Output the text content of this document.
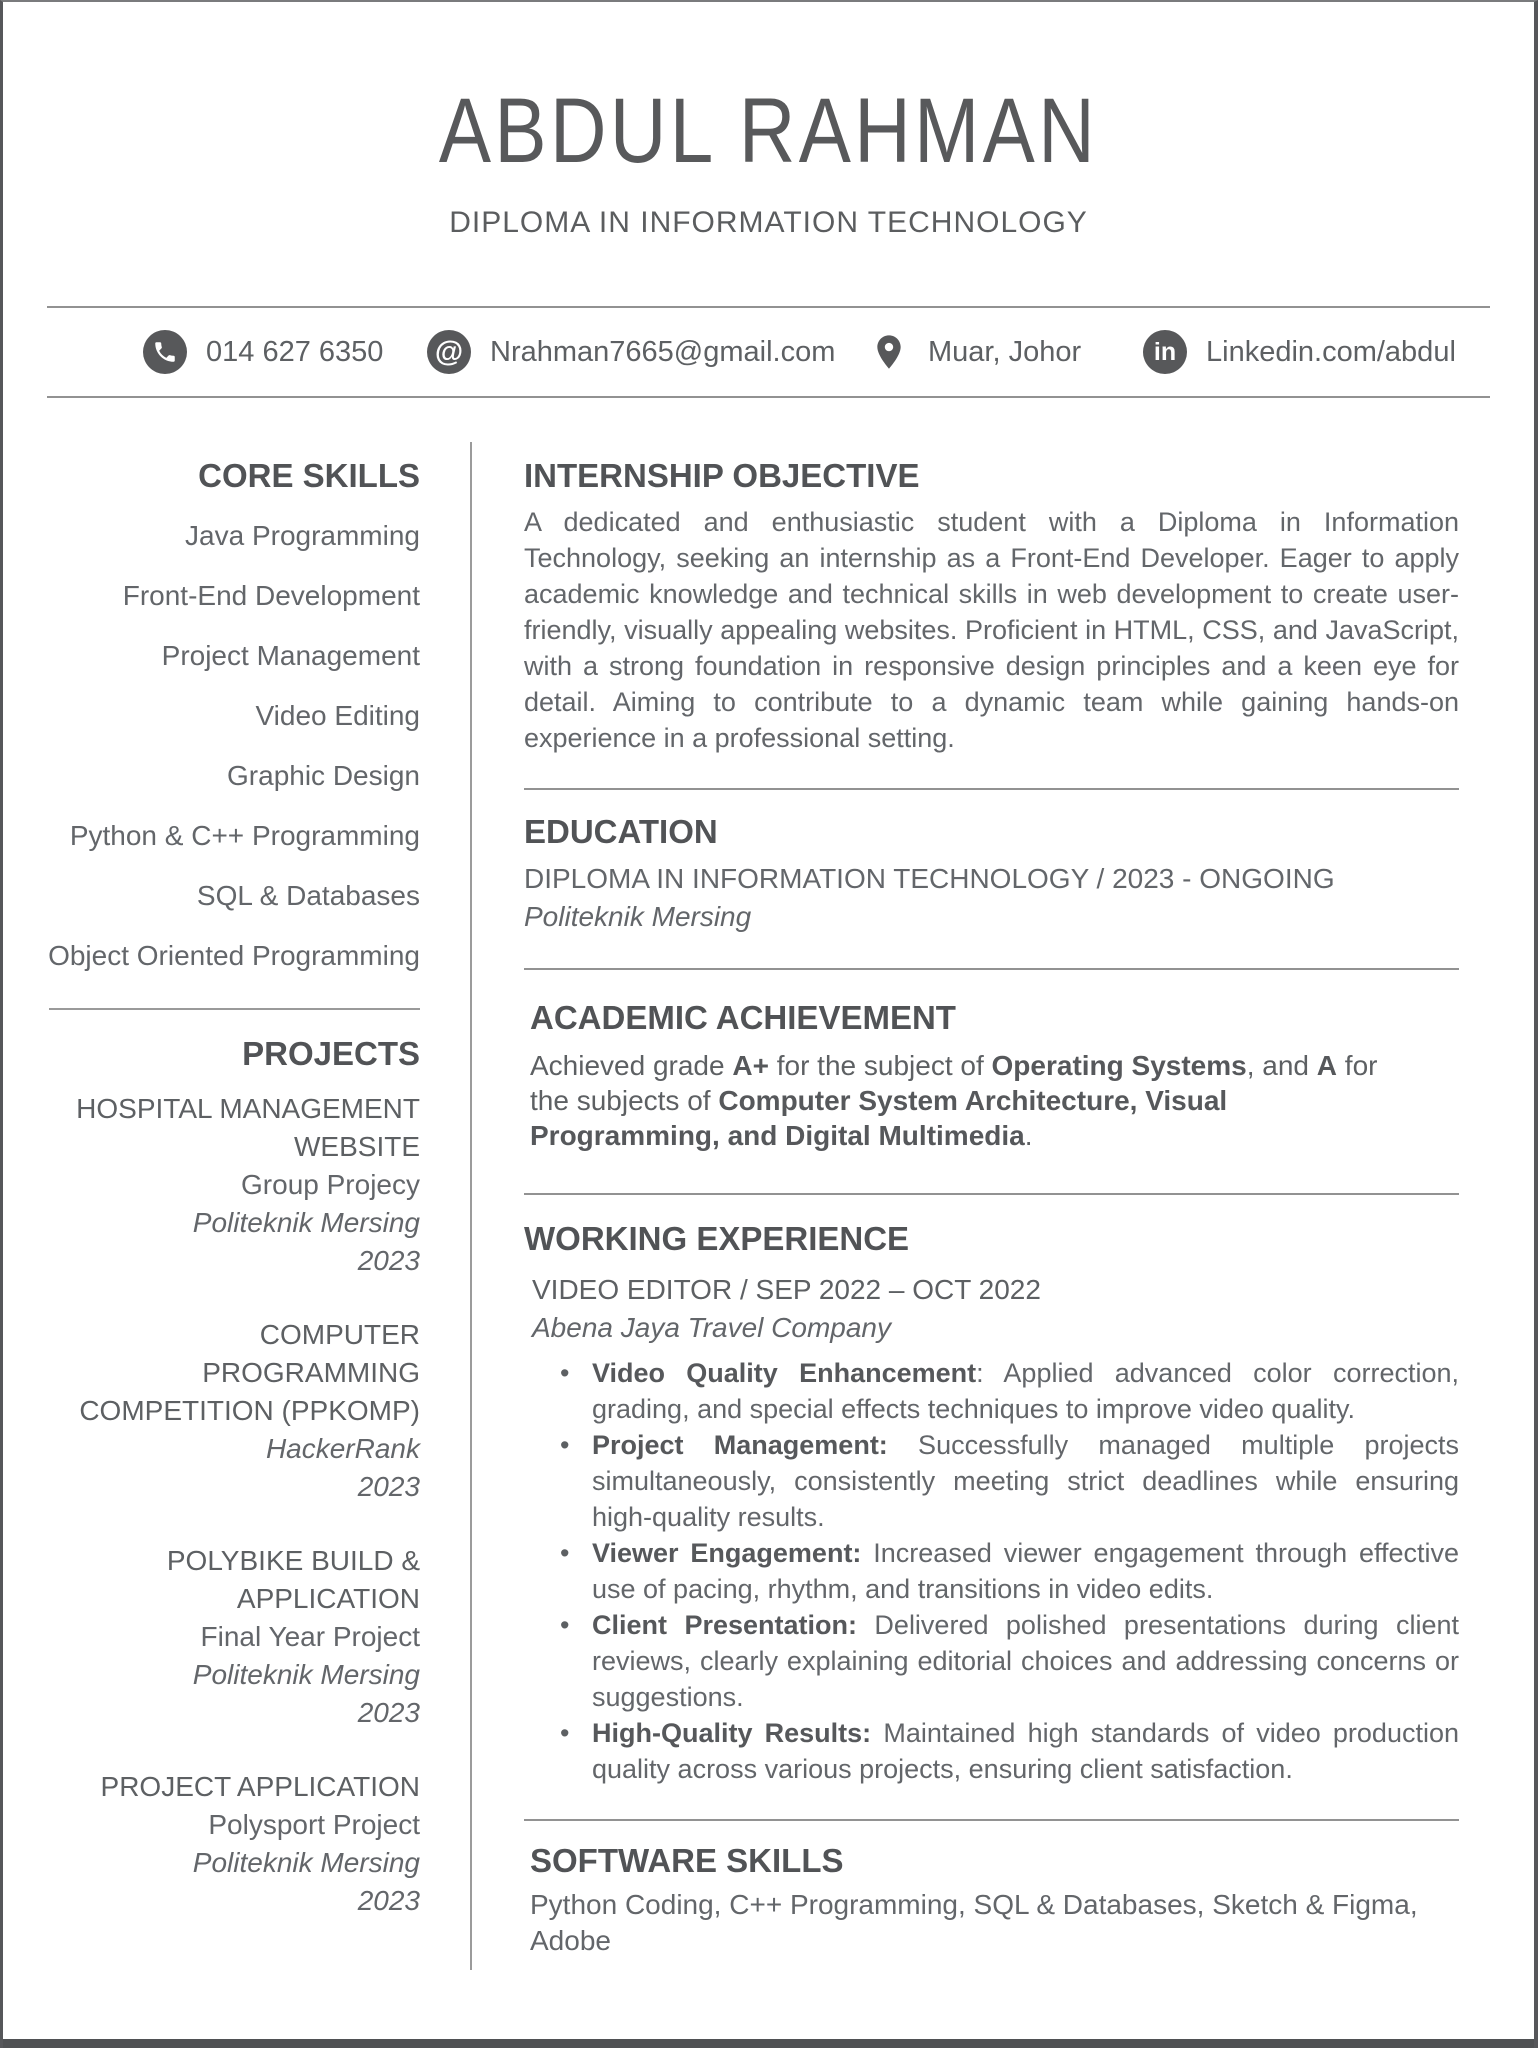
ABDUL RAHMAN
DIPLOMA IN INFORMATION TECHNOLOGY
014 627 6350 @ Nrahman7665@gmail.com	Muar, Johor	in Linkedin.com/abdul
CORE SKILLS
Java Programming
Front-End Development
Project Management
Video Editing
Graphic Design
Python & C++ Programming
SQL & Databases
Object Oriented Programming
PROJECTS
HOSPITAL MANAGEMENT WEBSITE
Group Projecy
Politeknik Mersing
2023
COMPUTER PROGRAMMING COMPETITION (PPKOMP)
HackerRank
2023
POLYBIKE BUILD & APPLICATION
Final Year Project
Politeknik Mersing
2023
PROJECT APPLICATION
Polysport Project
Politeknik Mersing
2023
INTERNSHIP OBJECTIVE

A dedicated and enthusiastic student with a Diploma in Information Technology, seeking an internship as a Front-End Developer. Eager to apply academic knowledge and technical skills in web development to create user-friendly, visually appealing websites. Proficient in HTML, CSS, and JavaScript, with a strong foundation in responsive design principles and a keen eye for detail. Aiming to contribute to a dynamic team while gaining hands-on experience in a professional setting.

EDUCATION
DIPLOMA IN INFORMATION TECHNOLOGY / 2023 - ONGOING
Politeknik Mersing
ACADEMIC ACHIEVEMENT

Achieved grade A+ for the subject of Operating Systems, and A for the subjects of Computer System Architecture, Visual Programming, and Digital Multimedia.

WORKING EXPERIENCE
VIDEO EDITOR / SEP 2022 – OCT 2022
Abena Jaya Travel Company
• Video Quality Enhancement: Applied advanced color correction, grading, and special effects techniques to improve video quality.
• Project Management: Successfully managed multiple projects simultaneously, consistently meeting strict deadlines while ensuring high-quality results.
• Viewer Engagement: Increased viewer engagement through effective use of pacing, rhythm, and transitions in video edits.
• Client Presentation: Delivered polished presentations during client reviews, clearly explaining editorial choices and addressing concerns or suggestions.
• High-Quality Results: Maintained high standards of video production quality across various projects, ensuring client satisfaction.
SOFTWARE SKILLS
Python Coding, C++ Programming, SQL & Databases, Sketch & Figma, Adobe
